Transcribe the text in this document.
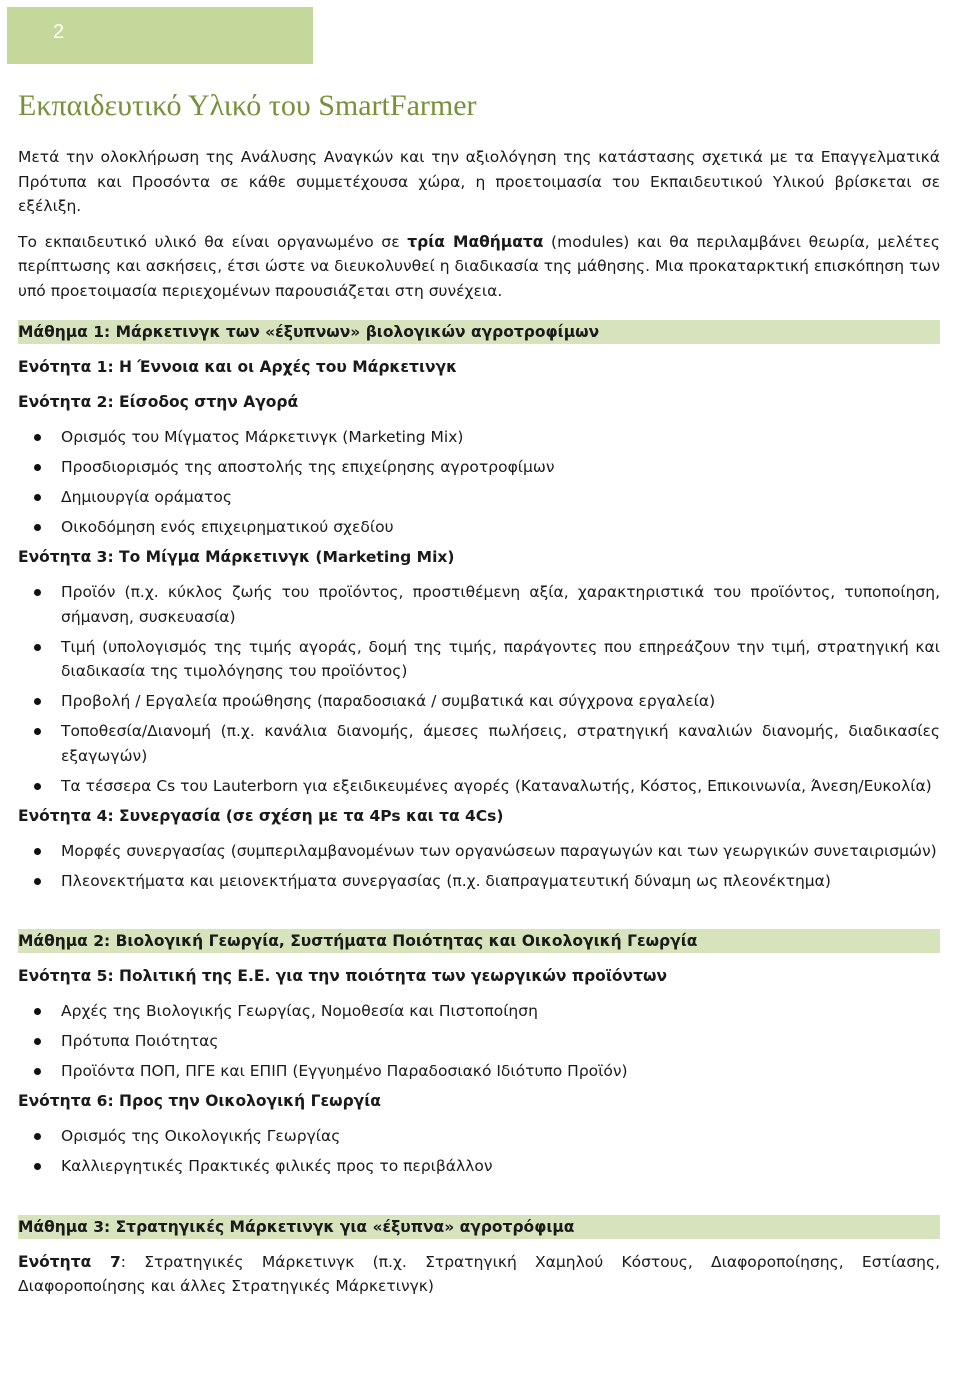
2
Εκπαιδευτικό Υλικό του SmartFarmer

Μετά την ολοκλήρωση της Ανάλυσης Αναγκών και την αξιολόγηση της κατάστασης σχετικά με τα Επαγγελματικά Πρότυπα και Προσόντα σε κάθε συμμετέχουσα χώρα, η προετοιμασία του Εκπαιδευτικού Υλικού βρίσκεται σε εξέλιξη.

Το εκπαιδευτικό υλικό θα είναι οργανωμένο σε τρία Μαθήματα (modules) και θα περιλαμβάνει θεωρία, μελέτες περίπτωσης και ασκήσεις, έτσι ώστε να διευκολυνθεί η διαδικασία της μάθησης. Μια προκαταρκτική επισκόπηση των υπό προετοιμασία περιεχομένων παρουσιάζεται στη συνέχεια.

Μάθημα 1: Μάρκετινγκ των «έξυπνων» βιολογικών αγροτροφίμων
Ενότητα 1: Η Έννοια και οι Αρχές του Μάρκετινγκ
Ενότητα 2: Είσοδος στην Αγορά
Ορισμός του Μίγματος Μάρκετινγκ (Marketing Mix)
Προσδιορισμός της αποστολής της επιχείρησης αγροτροφίμων
Δημιουργία οράματος
Οικοδόμηση ενός επιχειρηματικού σχεδίου
Ενότητα 3: Το Μίγμα Μάρκετινγκ (Marketing Mix)
Προϊόν (π.χ. κύκλος ζωής του προϊόντος, προστιθέμενη αξία, χαρακτηριστικά του προϊόντος, τυποποίηση, σήμανση, συσκευασία)
Τιμή (υπολογισμός της τιμής αγοράς, δομή της τιμής, παράγοντες που επηρεάζουν την τιμή, στρατηγική και διαδικασία της τιμολόγησης του προϊόντος)
Προβολή / Εργαλεία προώθησης (παραδοσιακά / συμβατικά και σύγχρονα εργαλεία)
Τοποθεσία/Διανομή (π.χ. κανάλια διανομής, άμεσες πωλήσεις, στρατηγική καναλιών διανομής, διαδικασίες εξαγωγών)
Τα τέσσερα Cs του Lauterborn για εξειδικευμένες αγορές (Καταναλωτής, Κόστος, Επικοινωνία, Άνεση/Ευκολία)
Ενότητα 4: Συνεργασία (σε σχέση με τα 4Ps και τα 4Cs)
Μορφές συνεργασίας (συμπεριλαμβανομένων των οργανώσεων παραγωγών και των γεωργικών συνεταιρισμών)
Πλεονεκτήματα και μειονεκτήματα συνεργασίας (π.χ. διαπραγματευτική δύναμη ως πλεονέκτημα)
Μάθημα 2: Βιολογική Γεωργία, Συστήματα Ποιότητας και Οικολογική Γεωργία
Ενότητα 5: Πολιτική της Ε.Ε. για την ποιότητα των γεωργικών προϊόντων
Αρχές της Βιολογικής Γεωργίας, Νομοθεσία και Πιστοποίηση
Πρότυπα Ποιότητας
Προϊόντα ΠΟΠ, ΠΓΕ και ΕΠΙΠ (Εγγυημένο Παραδοσιακό Ιδιότυπο Προϊόν)
Ενότητα 6: Προς την Οικολογική Γεωργία
Ορισμός της Οικολογικής Γεωργίας
Καλλιεργητικές Πρακτικές φιλικές προς το περιβάλλον
Μάθημα 3: Στρατηγικές Μάρκετινγκ για «έξυπνα» αγροτρόφιμα

Ενότητα 7: Στρατηγικές Μάρκετινγκ (π.χ. Στρατηγική Χαμηλού Κόστους, Διαφοροποίησης, Εστίασης, Διαφοροποίησης και άλλες Στρατηγικές Μάρκετινγκ)
